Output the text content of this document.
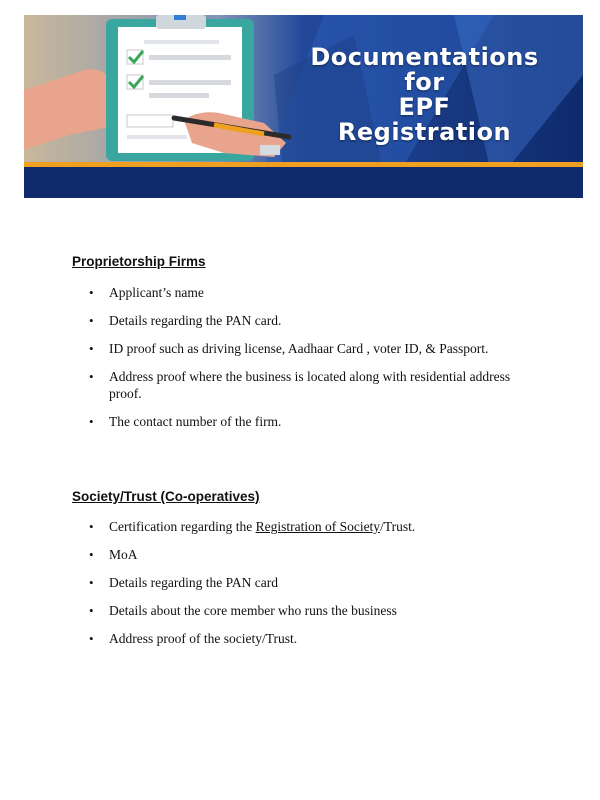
Documentations
for
EPF
Registration
Proprietorship Firms
• Applicant’s name
• Details regarding the PAN card.
• ID proof such as driving license, Aadhaar Card , voter ID, & Passport.
• Address proof where the business is located along with residential address proof.
• The contact number of the firm.
Society/Trust (Co-operatives)
• Certification regarding the Registration of Society/Trust.
• MoA
• Details regarding the PAN card
• Details about the core member who runs the business
• Address proof of the society/Trust.
